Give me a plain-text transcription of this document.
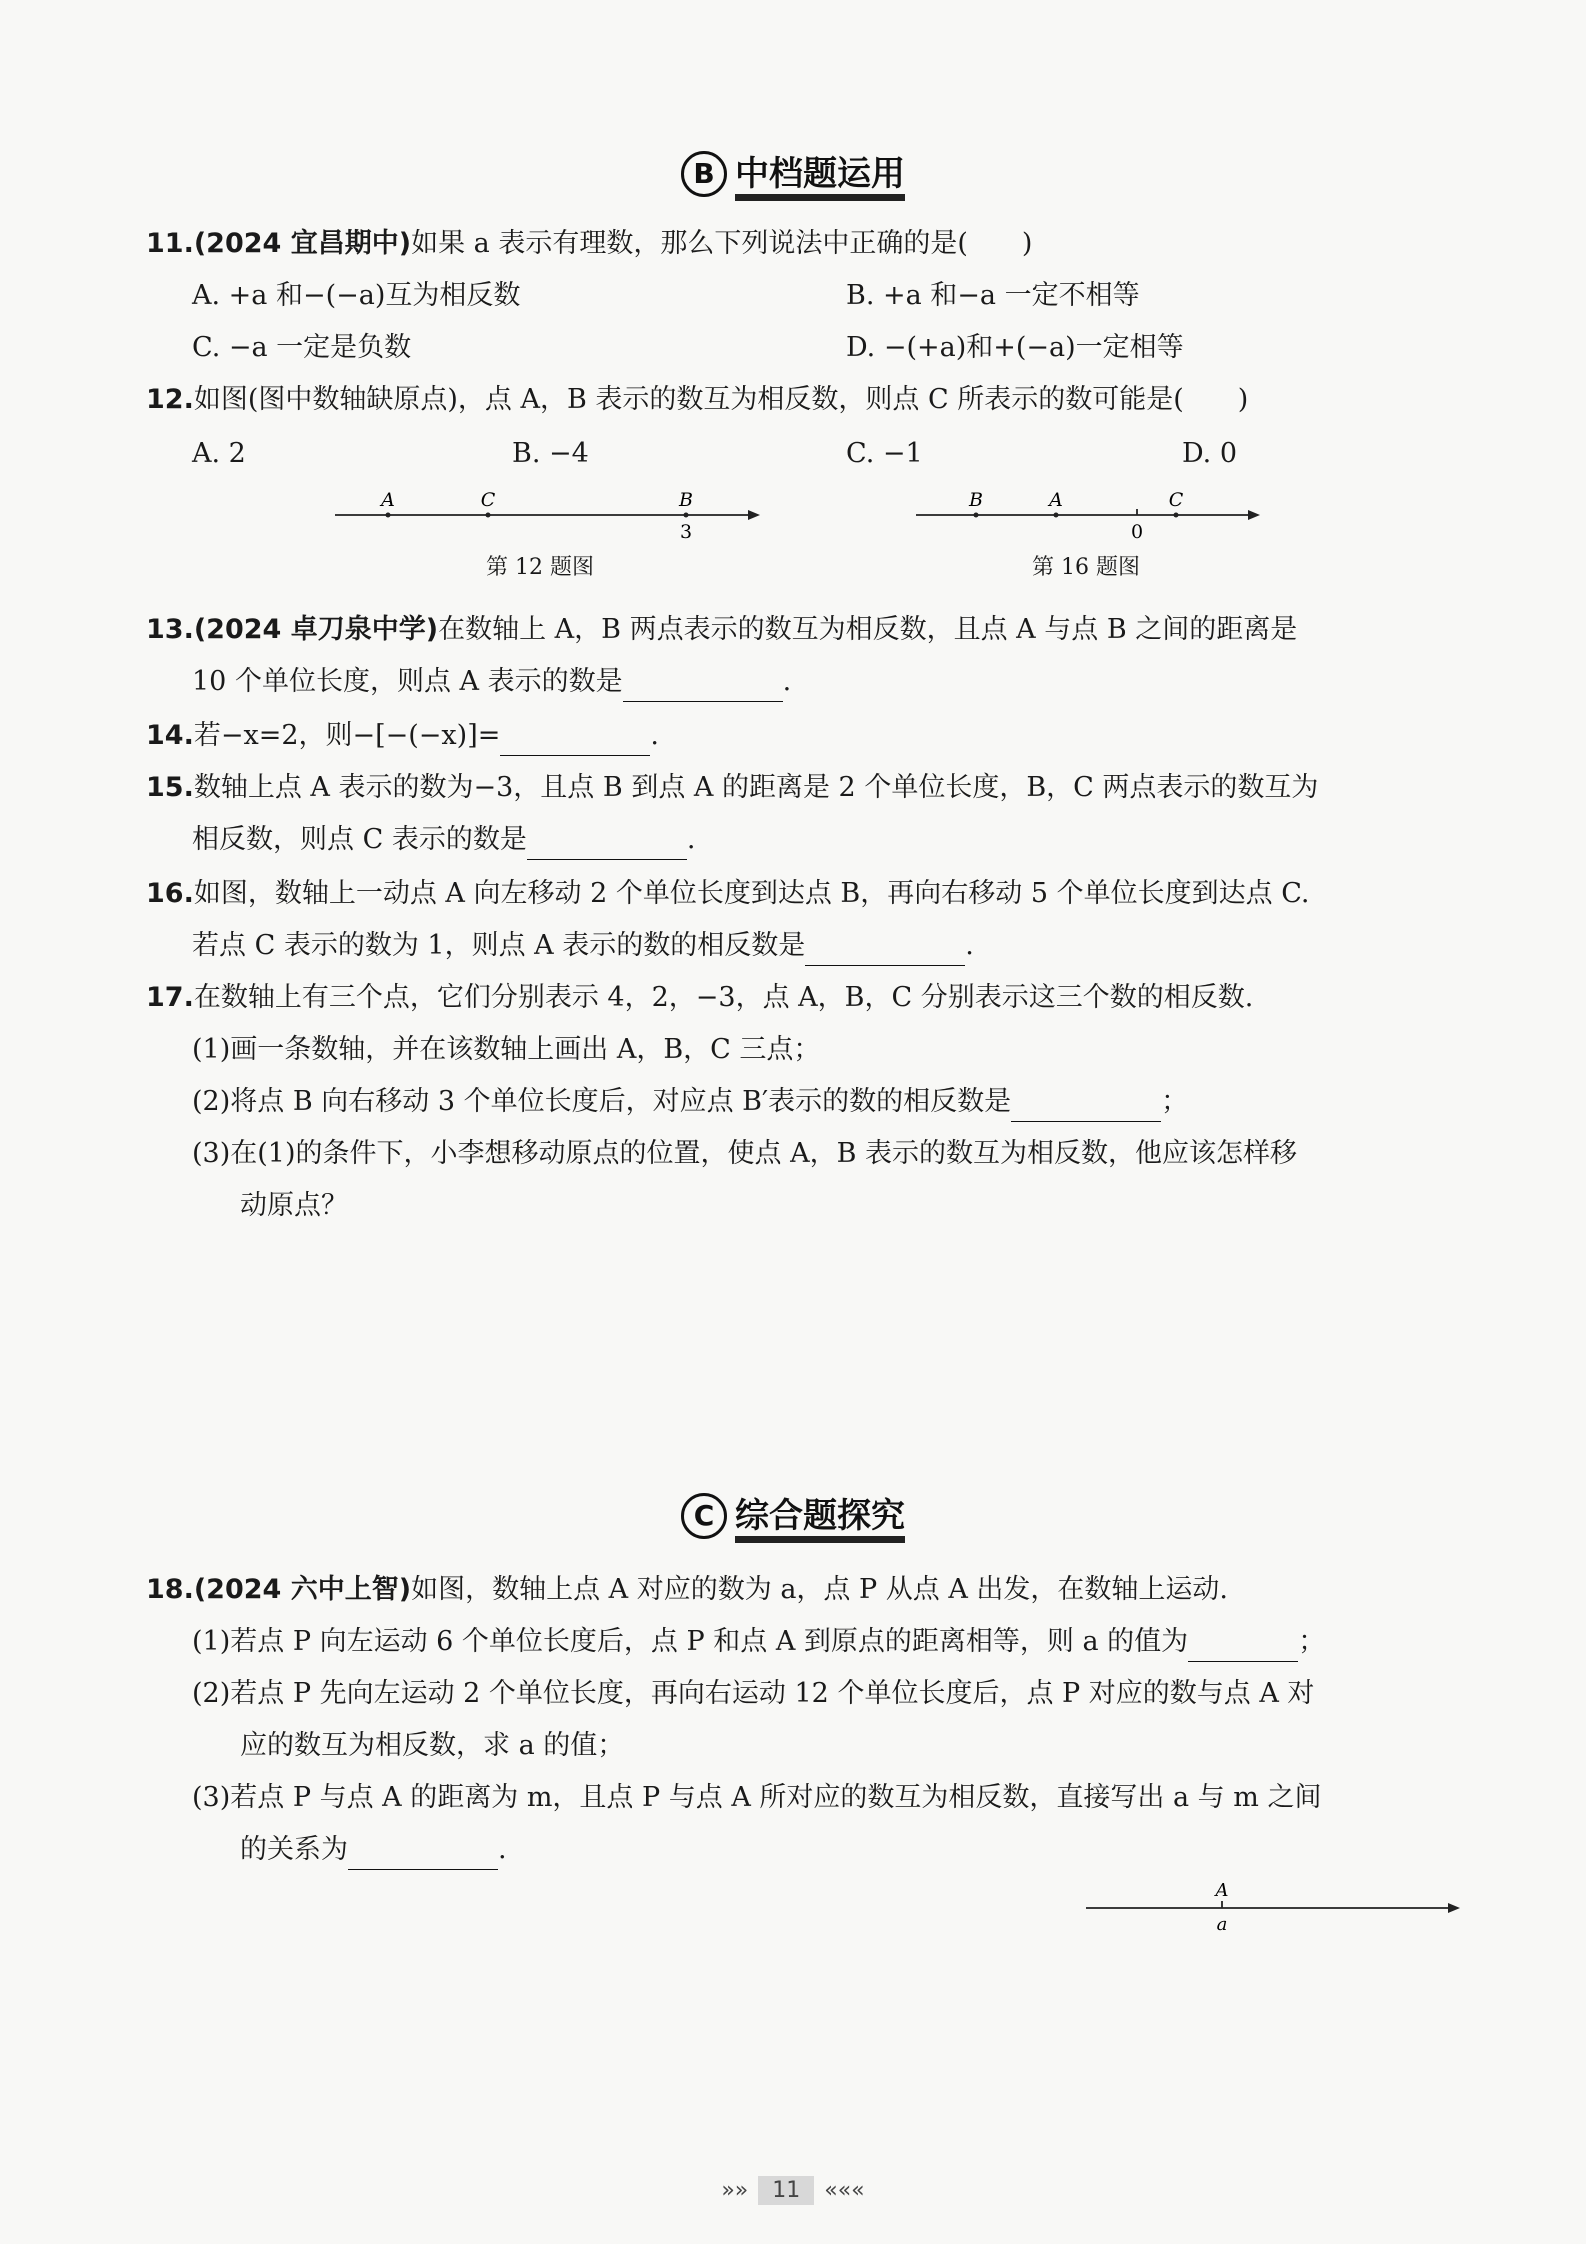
B 中档题运用
11.(2024 宜昌期中)如果 a 表示有理数，那么下列说法中正确的是(　　)
A. +a 和−(−a)互为相反数	B. +a 和−a 一定不相等
C. −a 一定是负数	D. −(+a)和+(−a)一定相等
12.如图(图中数轴缺原点)，点 A，B 表示的数互为相反数，则点 C 所表示的数可能是(　　)
A. 2	B. −4	C. −1	D. 0
A	C	B
3
第 12 题图
B	A	C
0
第 16 题图
13.(2024 卓刀泉中学)在数轴上 A，B 两点表示的数互为相反数，且点 A 与点 B 之间的距离是
10 个单位长度，则点 A 表示的数是	.
14.若−x=2，则−[−(−x)]=	.
15.数轴上点 A 表示的数为−3，且点 B 到点 A 的距离是 2 个单位长度，B，C 两点表示的数互为
相反数，则点 C 表示的数是	.
16.如图，数轴上一动点 A 向左移动 2 个单位长度到达点 B，再向右移动 5 个单位长度到达点 C.
若点 C 表示的数为 1，则点 A 表示的数的相反数是	.
17.在数轴上有三个点，它们分别表示 4，2，−3，点 A，B，C 分别表示这三个数的相反数.
(1)画一条数轴，并在该数轴上画出 A，B，C 三点；
(2)将点 B 向右移动 3 个单位长度后，对应点 B′表示的数的相反数是	；
(3)在(1)的条件下，小李想移动原点的位置，使点 A，B 表示的数互为相反数，他应该怎样移
动原点？
C 综合题探究
18.(2024 六中上智)如图，数轴上点 A 对应的数为 a，点 P 从点 A 出发，在数轴上运动.
(1)若点 P 向左运动 6 个单位长度后，点 P 和点 A 到原点的距离相等，则 a 的值为	；
(2)若点 P 先向左运动 2 个单位长度，再向右运动 12 个单位长度后，点 P 对应的数与点 A 对
应的数互为相反数，求 a 的值；
(3)若点 P 与点 A 的距离为 m，且点 P 与点 A 所对应的数互为相反数，直接写出 a 与 m 之间
的关系为	.
A
a
»» 11 «««
